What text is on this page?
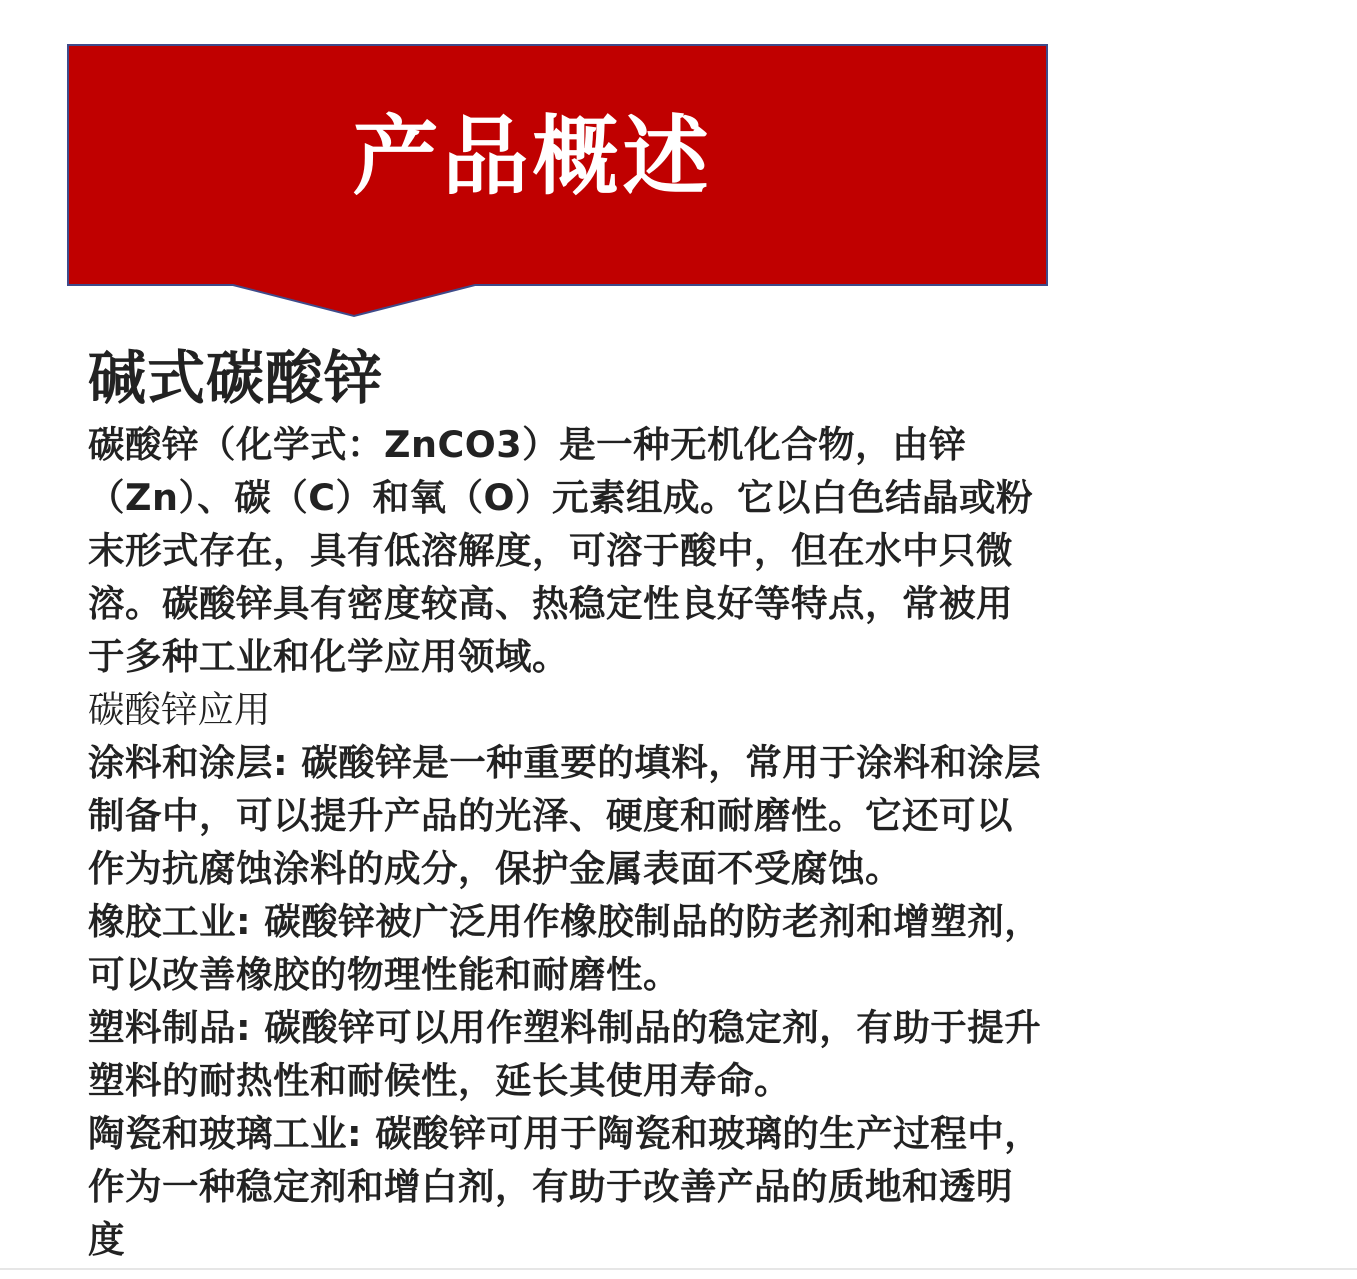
产品概述

碱式碳酸锌

碳酸锌（化学式：ZnCO3）是一种无机化合物，由锌

（Zn）、碳（C）和氧（O）元素组成。它以白色结晶或粉

末形式存在，具有低溶解度，可溶于酸中，但在水中只微

溶。碳酸锌具有密度较高、热稳定性良好等特点，常被用

于多种工业和化学应用领域。

碳酸锌应用

涂料和涂层: 碳酸锌是一种重要的填料，常用于涂料和涂层

制备中，可以提升产品的光泽、硬度和耐磨性。它还可以

作为抗腐蚀涂料的成分，保护金属表面不受腐蚀。

橡胶工业: 碳酸锌被广泛用作橡胶制品的防老剂和增塑剂，

可以改善橡胶的物理性能和耐磨性。

塑料制品: 碳酸锌可以用作塑料制品的稳定剂，有助于提升

塑料的耐热性和耐候性，延长其使用寿命。

陶瓷和玻璃工业: 碳酸锌可用于陶瓷和玻璃的生产过程中，

作为一种稳定剂和增白剂，有助于改善产品的质地和透明

度
